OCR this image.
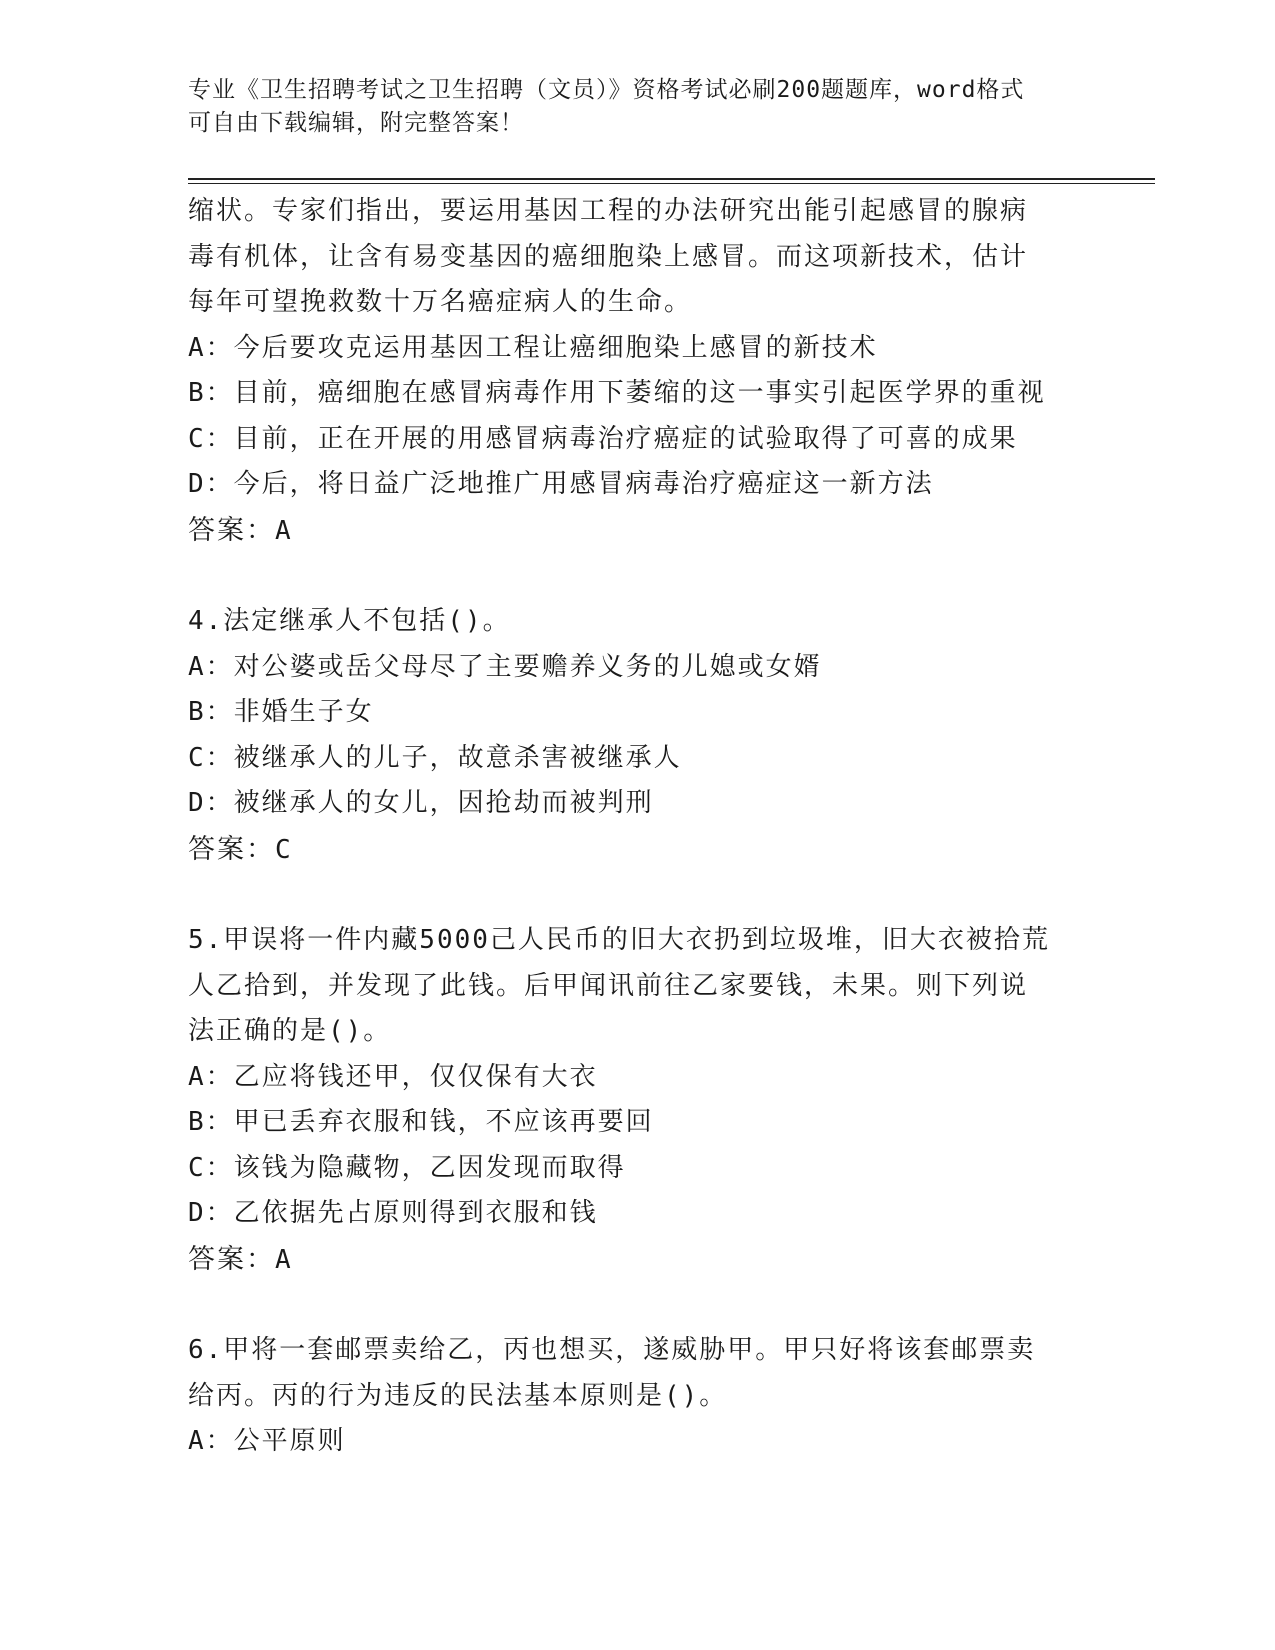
专业《卫生招聘考试之卫生招聘（文员）》资格考试必刷200题题库，word格式
可自由下载编辑，附完整答案！
缩状。专家们指出，要运用基因工程的办法研究出能引起感冒的腺病
毒有机体，让含有易变基因的癌细胞染上感冒。而这项新技术，估计
每年可望挽救数十万名癌症病人的生命。
A：今后要攻克运用基因工程让癌细胞染上感冒的新技术
B：目前，癌细胞在感冒病毒作用下萎缩的这一事实引起医学界的重视
C：目前，正在开展的用感冒病毒治疗癌症的试验取得了可喜的成果
D：今后，将日益广泛地推广用感冒病毒治疗癌症这一新方法
答案：A
4.法定继承人不包括()。
A：对公婆或岳父母尽了主要赡养义务的儿媳或女婿
B：非婚生子女
C：被继承人的儿子，故意杀害被继承人
D：被继承人的女儿，因抢劫而被判刑
答案：C
5.甲误将一件内藏5000己人民币的旧大衣扔到垃圾堆，旧大衣被拾荒
人乙拾到，并发现了此钱。后甲闻讯前往乙家要钱，未果。则下列说
法正确的是()。
A：乙应将钱还甲，仅仅保有大衣
B：甲已丢弃衣服和钱，不应该再要回
C：该钱为隐藏物，乙因发现而取得
D：乙依据先占原则得到衣服和钱
答案：A
6.甲将一套邮票卖给乙，丙也想买，遂威胁甲。甲只好将该套邮票卖
给丙。丙的行为违反的民法基本原则是()。
A：公平原则
